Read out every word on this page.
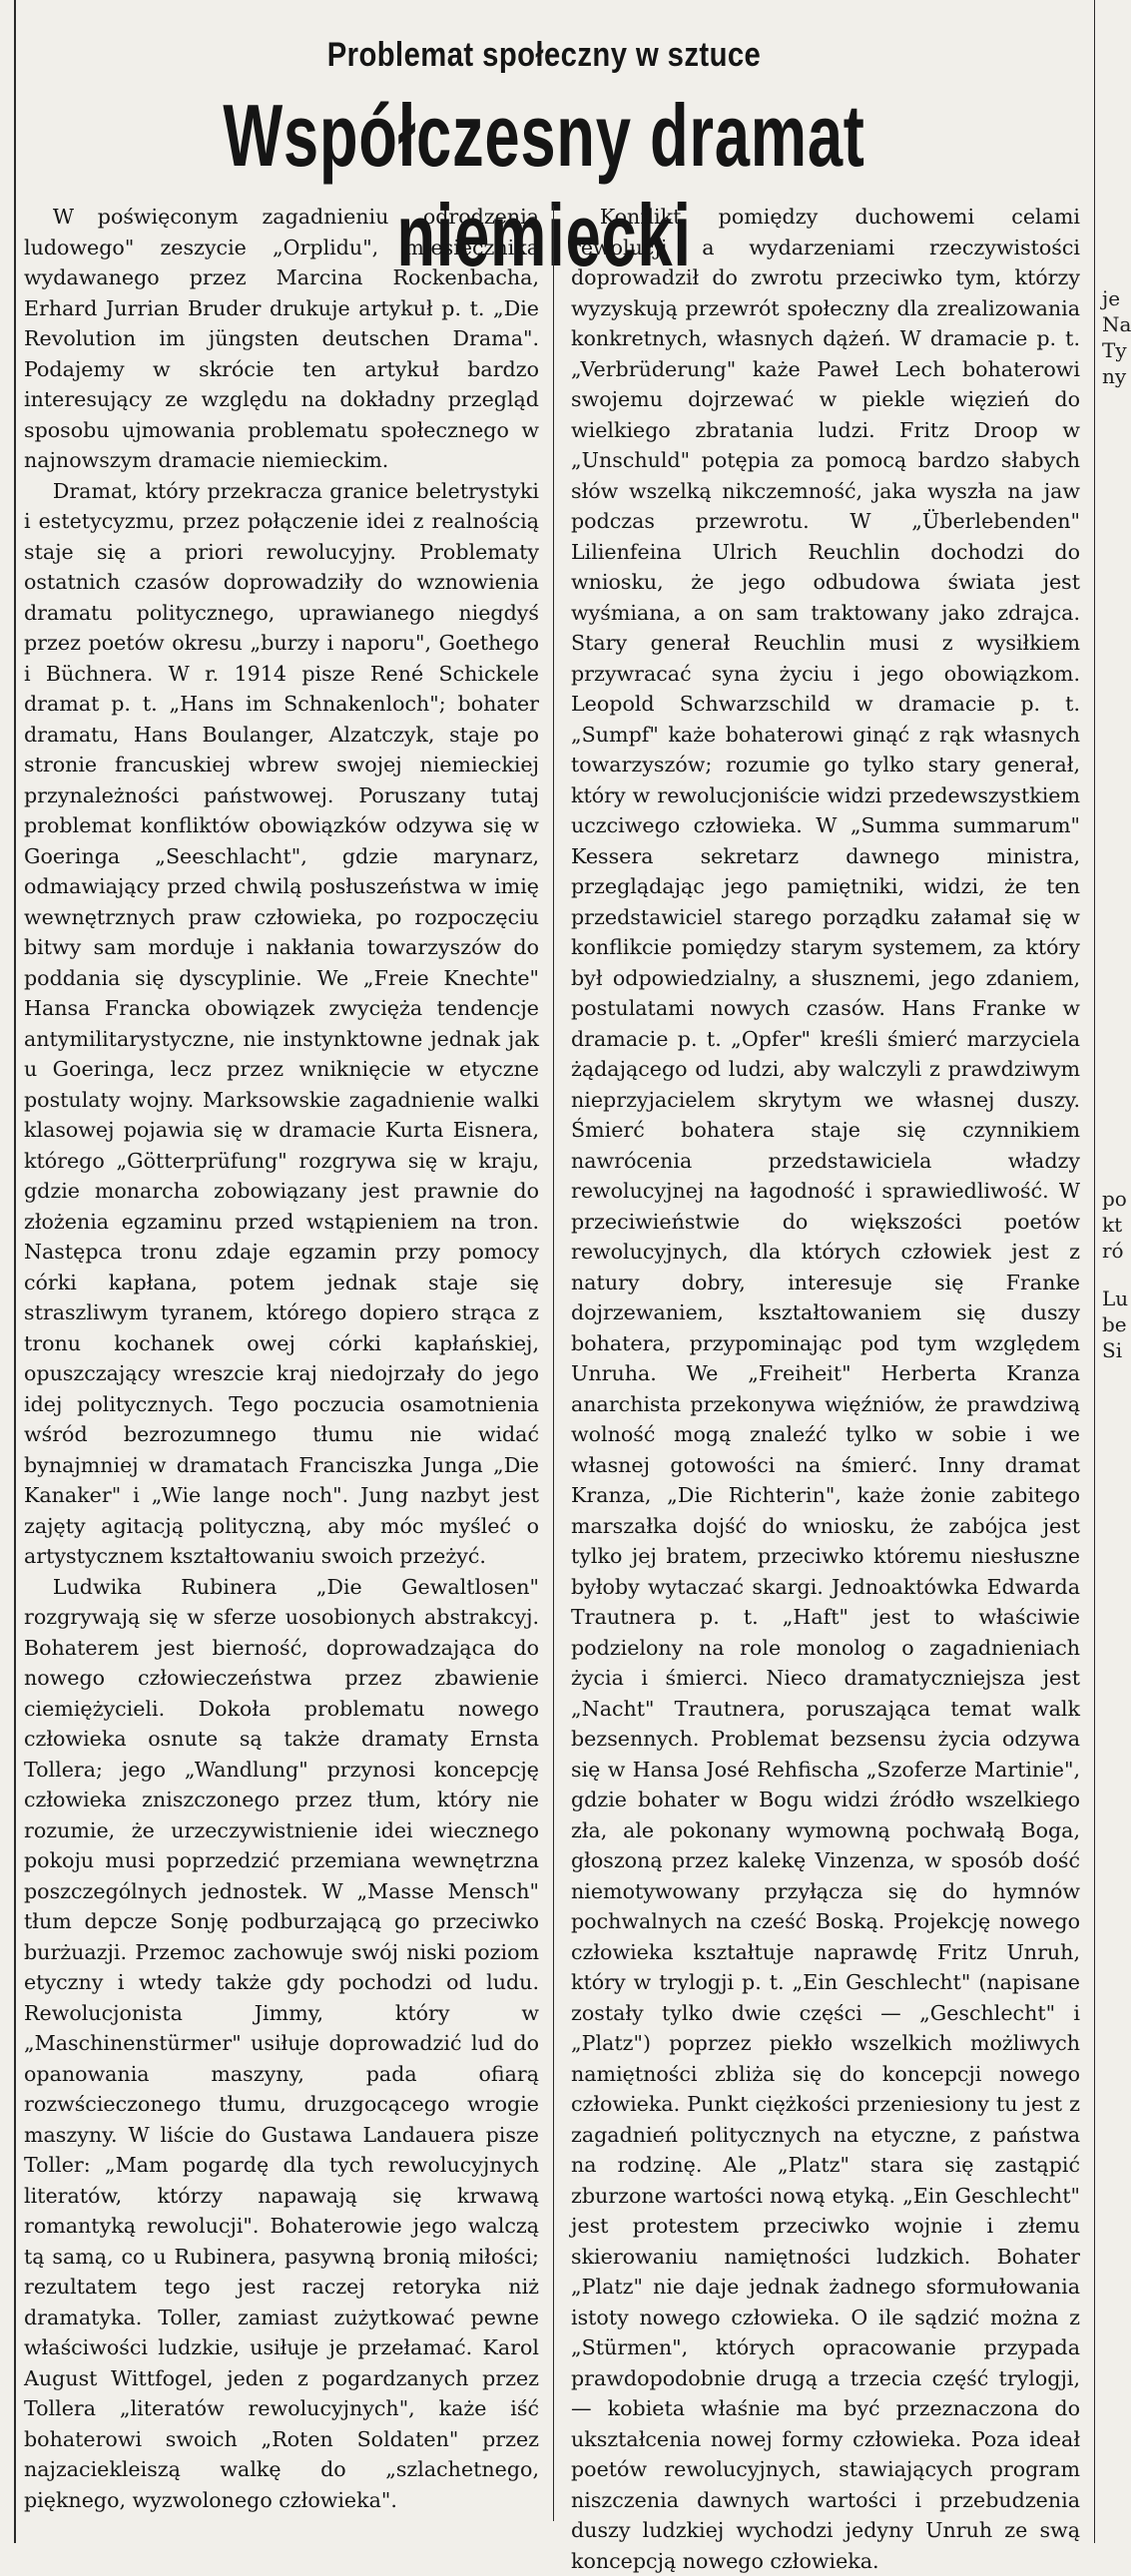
Problemat społeczny w sztuce
Współczesny dramat niemiecki

W poświęconym zagadnieniu „odrodzenia ludowego" zeszycie „Orplidu", miesięcznika wydawanego przez Marcina Rockenbacha, Erhard Jurrian Bruder drukuje artykuł p. t. „Die Revolution im jüngsten deutschen Drama". Podajemy w skrócie ten artykuł bardzo interesujący ze względu na dokładny przegląd sposobu ujmowania problematu społecznego w najnowszym dramacie niemieckim.

Dramat, który przekracza granice beletrystyki i estetycyzmu, przez połączenie idei z realnością staje się a priori rewolucyjny. Problematy ostatnich czasów doprowadziły do wznowienia dramatu politycznego, uprawianego niegdyś przez poetów okresu „burzy i naporu", Goethego i Büchnera. W r. 1914 pisze René Schickele dramat p. t. „Hans im Schnakenloch"; bohater dramatu, Hans Boulanger, Alzatczyk, staje po stronie francuskiej wbrew swojej niemieckiej przynależności państwowej. Poruszany tutaj problemat konfliktów obowiązków odzywa się w Goeringa „Seeschlacht", gdzie marynarz, odmawiający przed chwilą posłuszeństwa w imię wewnętrznych praw człowieka, po rozpoczęciu bitwy sam morduje i nakłania towarzyszów do poddania się dyscyplinie. We „Freie Knechte" Hansa Francka obowiązek zwycięża tendencje antymilitarystyczne, nie instynktowne jednak jak u Goeringa, lecz przez wniknięcie w etyczne postulaty wojny. Marksowskie zagadnienie walki klasowej pojawia się w dramacie Kurta Eisnera, którego „Götterprüfung" rozgrywa się w kraju, gdzie monarcha zobowiązany jest prawnie do złożenia egzaminu przed wstąpieniem na tron. Następca tronu zdaje egzamin przy pomocy córki kapłana, potem jednak staje się straszliwym tyranem, którego dopiero strąca z tronu kochanek owej córki kapłańskiej, opuszczający wreszcie kraj niedojrzały do jego idej politycznych. Tego poczucia osamotnienia wśród bezrozumnego tłumu nie widać bynajmniej w dramatach Franciszka Junga „Die Kanaker" i „Wie lange noch". Jung nazbyt jest zajęty agitacją polityczną, aby móc myśleć o artystycznem kształtowaniu swoich przeżyć.

Ludwika Rubinera „Die Gewaltlosen" rozgrywają się w sferze uosobionych abstrakcyj. Bohaterem jest bierność, doprowadzająca do nowego człowieczeństwa przez zbawienie ciemiężycieli. Dokoła problematu nowego człowieka osnute są także dramaty Ernsta Tollera; jego „Wandlung" przynosi koncepcję człowieka zniszczonego przez tłum, który nie rozumie, że urzeczywistnienie idei wiecznego pokoju musi poprzedzić przemiana wewnętrzna poszczególnych jednostek. W „Masse Mensch" tłum depcze Sonję podburzającą go przeciwko burżuazji. Przemoc zachowuje swój niski poziom etyczny i wtedy także gdy pochodzi od ludu. Rewolucjonista Jimmy, który w „Maschinenstürmer" usiłuje doprowadzić lud do opanowania maszyny, pada ofiarą rozwścieczonego tłumu, druzgocącego wrogie maszyny. W liście do Gustawa Landauera pisze Toller: „Mam pogardę dla tych rewolucyjnych literatów, którzy napawają się krwawą romantyką rewolucji". Bohaterowie jego walczą tą samą, co u Rubinera, pasywną bronią miłości; rezultatem tego jest raczej retoryka niż dramatyka. Toller, zamiast zużytkować pewne właściwości ludzkie, usiłuje je przełamać. Karol August Wittfogel, jeden z pogardzanych przez Tollera „literatów rewolucyjnych", każe iść bohaterowi swoich „Roten Soldaten" przez najzaciekleiszą walkę do „szlachetnego, pięknego, wyzwolonego człowieka".

Konflikt pomiędzy duchowemi celami rewolucji a wydarzeniami rzeczywistości doprowadził do zwrotu przeciwko tym, którzy wyzyskują przewrót społeczny dla zrealizowania konkretnych, własnych dążeń. W dramacie p. t. „Verbrüderung" każe Paweł Lech bohaterowi swojemu dojrzewać w piekle więzień do wielkiego zbratania ludzi. Fritz Droop w „Unschuld" potępia za pomocą bardzo słabych słów wszelką nikczemność, jaka wyszła na jaw podczas przewrotu. W „Überlebenden" Lilienfeina Ulrich Reuchlin dochodzi do wniosku, że jego odbudowa świata jest wyśmiana, a on sam traktowany jako zdrajca. Stary generał Reuchlin musi z wysiłkiem przywracać syna życiu i jego obowiązkom. Leopold Schwarzschild w dramacie p. t. „Sumpf" każe bohaterowi ginąć z rąk własnych towarzyszów; rozumie go tylko stary generał, który w rewolucjoniście widzi przedewszystkiem uczciwego człowieka. W „Summa summarum" Kessera sekretarz dawnego ministra, przeglądając jego pamiętniki, widzi, że ten przedstawiciel starego porządku załamał się w konflikcie pomiędzy starym systemem, za który był odpowiedzialny, a słusznemi, jego zdaniem, postulatami nowych czasów. Hans Franke w dramacie p. t. „Opfer" kreśli śmierć marzyciela żądającego od ludzi, aby walczyli z prawdziwym nieprzyjacielem skrytym we własnej duszy. Śmierć bohatera staje się czynnikiem nawrócenia przedstawiciela władzy rewolucyjnej na łagodność i sprawiedliwość. W przeciwieństwie do większości poetów rewolucyjnych, dla których człowiek jest z natury dobry, interesuje się Franke dojrzewaniem, kształtowaniem się duszy bohatera, przypominając pod tym względem Unruha. We „Freiheit" Herberta Kranza anarchista przekonywa więźniów, że prawdziwą wolność mogą znaleźć tylko w sobie i we własnej gotowości na śmierć. Inny dramat Kranza, „Die Richterin", każe żonie zabitego marszałka dojść do wniosku, że zabójca jest tylko jej bratem, przeciwko któremu niesłuszne byłoby wytaczać skargi. Jednoaktówka Edwarda Trautnera p. t. „Haft" jest to właściwie podzielony na role monolog o zagadnieniach życia i śmierci. Nieco dramatyczniejsza jest „Nacht" Trautnera, poruszająca temat walk bezsennych. Problemat bezsensu życia odzywa się w Hansa José Rehfischa „Szoferze Martinie", gdzie bohater w Bogu widzi źródło wszelkiego zła, ale pokonany wymowną pochwałą Boga, głoszoną przez kalekę Vinzenza, w sposób dość niemotywowany przyłącza się do hymnów pochwalnych na cześć Boską. Projekcję nowego człowieka kształtuje naprawdę Fritz Unruh, który w trylogji p. t. „Ein Geschlecht" (napisane zostały tylko dwie części — „Geschlecht" i „Platz") poprzez piekło wszelkich możliwych namiętności zbliża się do koncepcji nowego człowieka. Punkt ciężkości przeniesiony tu jest z zagadnień politycznych na etyczne, z państwa na rodzinę. Ale „Platz" stara się zastąpić zburzone wartości nową etyką. „Ein Geschlecht" jest protestem przeciwko wojnie i złemu skierowaniu namiętności ludzkich. Bohater „Platz" nie daje jednak żadnego sformułowania istoty nowego człowieka. O ile sądzić można z „Stürmen", których opracowanie przypada prawdopodobnie drugą a trzecia część trylogji, — kobieta właśnie ma być przeznaczona do ukształcenia nowej formy człowieka. Poza ideał poetów rewolucyjnych, stawiających program niszczenia dawnych wartości i przebudzenia duszy ludzkiej wychodzi jedyny Unruh ze swą koncepcją nowego człowieka.

je
Na
Ty
ny
po
kt
ró
Lu
be
Si
